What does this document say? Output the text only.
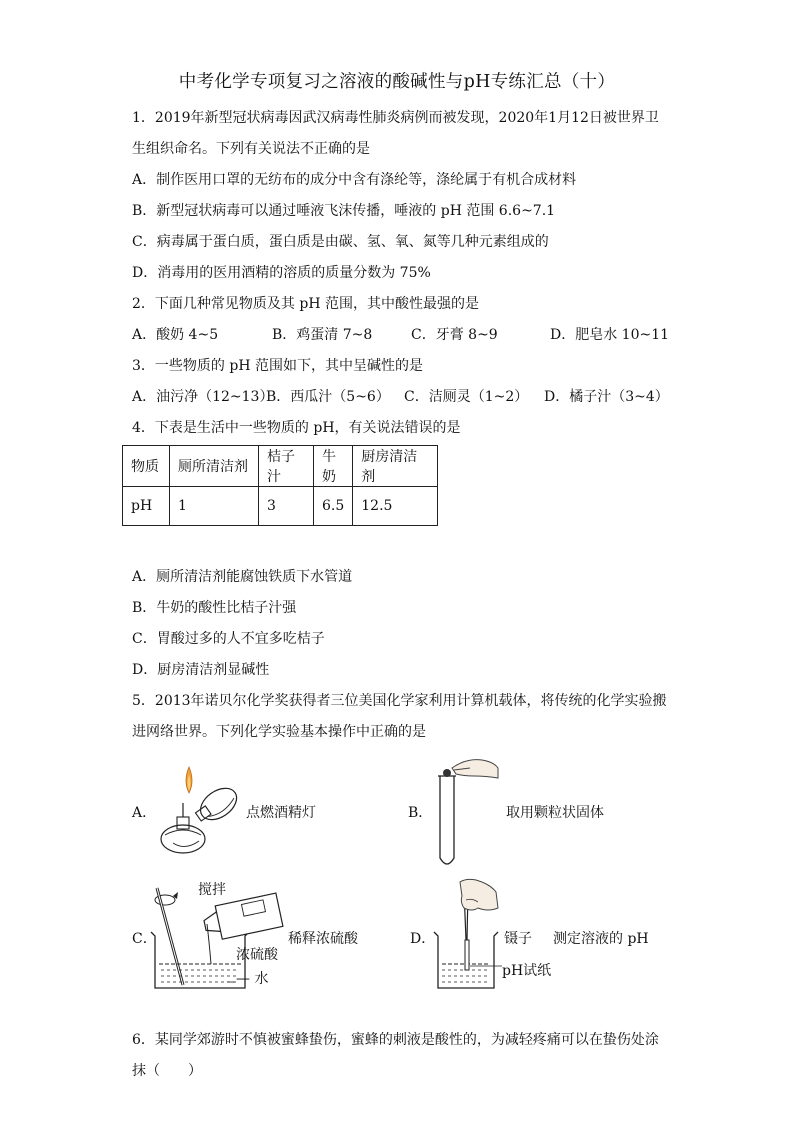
中考化学专项复习之溶液的酸碱性与pH专练汇总（十）
1．2019年新型冠状病毒因武汉病毒性肺炎病例而被发现，2020年1月12日被世界卫
生组织命名。下列有关说法不正确的是
A．制作医用口罩的无纺布的成分中含有涤纶等，涤纶属于有机合成材料
B．新型冠状病毒可以通过唾液飞沫传播，唾液的 pH 范围 6.6~7.1
C．病毒属于蛋白质，蛋白质是由碳、氢、氧、氮等几种元素组成的
D．消毒用的医用酒精的溶质的质量分数为 75%
2．下面几种常见物质及其 pH 范围，其中酸性最强的是
A．酸奶 4~5	B．鸡蛋清 7~8	C．牙膏 8~9	D．肥皂水 10~11
3．一些物质的 pH 范围如下，其中呈碱性的是
A．油污净（12~13）
B．西瓜汁（5~6） C．洁厕灵（1~2） D．橘子汁（3~4）
4．下表是生活中一些物质的 pH，有关说法错误的是
物质	厕所清洁剂	桔子汁	牛奶	厨房清洁剂
pH	1	3	6.5	12.5
A．厕所清洁剂能腐蚀铁质下水管道
B．牛奶的酸性比桔子汁强
C．胃酸过多的人不宜多吃桔子
D．厨房清洁剂显碱性
5．2013年诺贝尔化学奖获得者三位美国化学家利用计算机载体，将传统的化学实验搬
进网络世界。下列化学实验基本操作中正确的是
A．	点燃酒精灯	B．	取用颗粒状固体
C．
搅拌
稀释浓硫酸
浓硫酸
— 水
D．	镊子 测定溶液的 pH
pH试纸
6．某同学郊游时不慎被蜜蜂蛰伤，蜜蜂的刺液是酸性的，为减轻疼痛可以在蛰伤处涂
抹（　　）
